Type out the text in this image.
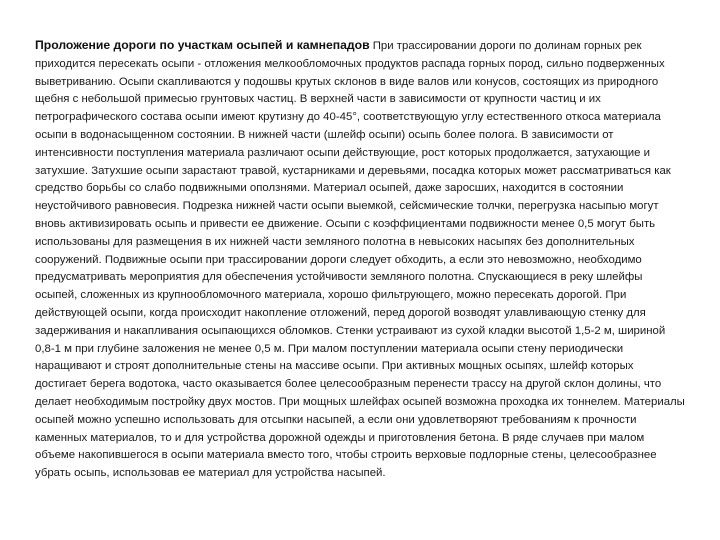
Проложение дороги по участкам осыпей и камнепадов При трассировании дороги по долинам горных рек приходится пересекать осыпи - отложения мелкообломочных продуктов распада горных пород, сильно подверженных выветриванию. Осыпи скапливаются у подошвы крутых склонов в виде валов или конусов, состоящих из природного щебня с небольшой примесью грунтовых частиц. В верхней части в зависимости от крупности частиц и их петрографического состава осыпи имеют крутизну до 40-45°, соответствующую углу естественного откоса материала осыпи в водонасыщенном состоянии. В нижней части (шлейф осыпи) осыпь более полога. В зависимости от интенсивности поступления материала различают осыпи действующие, рост которых продолжается, затухающие и затухшие. Затухшие осыпи зарастают травой, кустарниками и деревьями, посадка которых может рассматриваться как средство борьбы со слабо подвижными оползнями. Материал осыпей, даже заросших, находится в состоянии неустойчивого равновесия. Подрезка нижней части осыпи выемкой, сейсмические толчки, перегрузка насыпью могут вновь активизировать осыпь и привести ее движение. Осыпи с коэффициентами подвижности менее 0,5 могут быть использованы для размещения в их нижней части земляного полотна в невысоких насыпях без дополнительных сооружений. Подвижные осыпи при трассировании дороги следует обходить, а если это невозможно, необходимо предусматривать мероприятия для обеспечения устойчивости земляного полотна. Спускающиеся в реку шлейфы осыпей, сложенных из крупнообломочного материала, хорошо фильтрующего, можно пересекать дорогой. При действующей осыпи, когда происходит накопление отложений, перед дорогой возводят улавливающую стенку для задерживания и накапливания осыпающихся обломков. Стенки устраивают из сухой кладки высотой 1,5-2 м, шириной 0,8-1 м при глубине заложения не менее 0,5 м. При малом поступлении материала осыпи стену периодически наращивают и строят дополнительные стены на массиве осыпи. При активных мощных осыпях, шлейф которых достигает берега водотока, часто оказывается более целесообразным перенести трассу на другой склон долины, что делает необходимым постройку двух мостов. При мощных шлейфах осыпей возможна проходка их тоннелем. Материалы осыпей можно успешно использовать для отсыпки насыпей, а если они удовлетворяют требованиям к прочности каменных материалов, то и для устройства дорожной одежды и приготовления бетона. В ряде случаев при малом объеме накопившегося в осыпи материала вместо того, чтобы строить верховые подлорные стены, целесообразнее убрать осыпь, использовав ее материал для устройства насыпей.
